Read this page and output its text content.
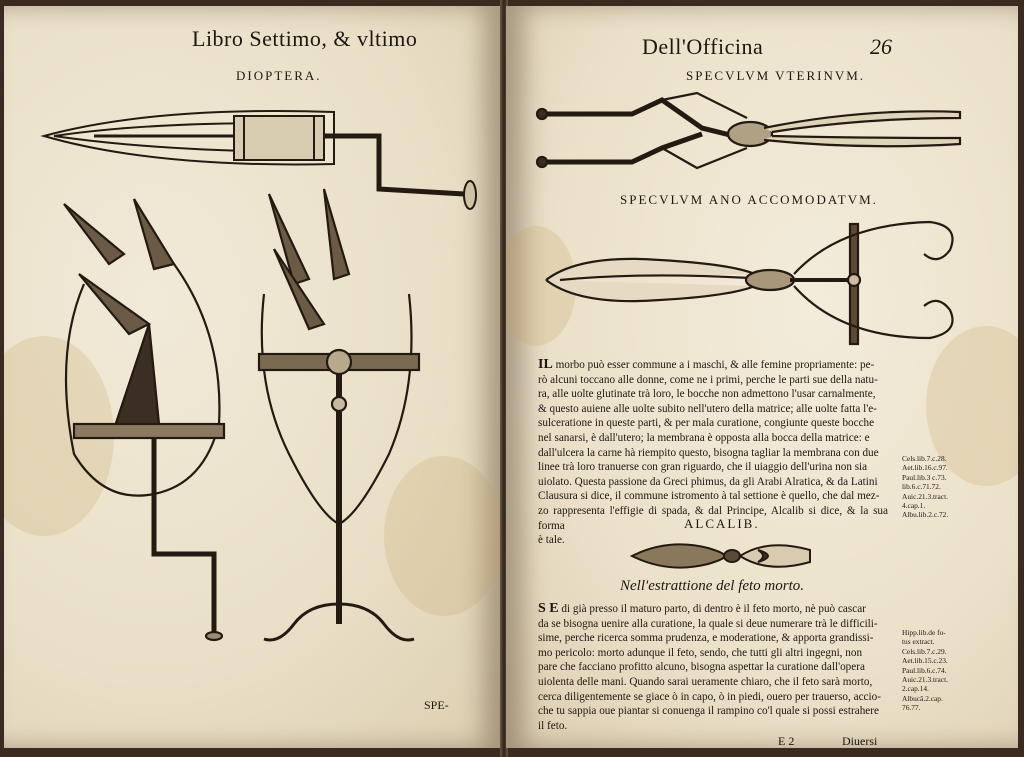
Libro Settimo, & vltimo
DIOPTERA.
SPE-
Dell'Officina	26
SPECVLVM VTERINVM.
SPECVLVM ANO ACCOMODATVM.
IL morbo può esser commune a i maschi, & alle femine propriamente: pe-
rò alcuni toccano alle donne, come ne i primi, perche le parti sue della natu-
ra, alle uolte glutinate trà loro, le bocche non admettono l'usar carnalmente,
& questo auiene alle uolte subito nell'utero della matrice; alle uolte fatta l'e-
sulceratione in queste parti, & per mala curatione, congiunte queste bocche
nel sanarsi, è dall'utero; la membrana è opposta alla bocca della matrice: e
dall'ulcera la carne hà riempito questo, bisogna tagliar la membrana con due
linee trà loro tranuerse con gran riguardo, che il uiaggio dell'urina non sia
uiolato. Questa passione da Greci phimus, da gli Arabi Alratica, & da Latini
Clausura si dice, il commune istromento à tal settione è quello, che dal mez-
zo rappresenta l'effigie di spada, & dal Principe, Alcalib si dice, & la sua forma
è tale.
Cels.lib.7.c.28.
Aet.lib.16.c.97.
Paul.lib.3 c.73.
lib.6.c.71.72.
Auic.21.3.tract.
4.cap.1.
Albu.lib.2.c.72.
ALCALIB.
Nell'estrattione del feto morto.
S E di già presso il maturo parto, di dentro è il feto morto, nè può cascar
da se bisogna uenire alla curatione, la quale si deue numerare trà le difficili-
sime, perche ricerca somma prudenza, e moderatione, & apporta grandissi-
mo pericolo: morto adunque il feto, sendo, che tutti gli altri ingegni, non
pare che facciano profitto alcuno, bisogna aspettar la curatione dall'opera
uiolenta delle mani. Quando sarai ueramente chiaro, che il feto sarà morto,
cerca diligentemente se giace ò in capo, ò in piedi, ouero per trauerso, accio-
che tu sappia oue piantar si conuenga il rampino co'l quale si possi estrahere
il feto.
Hipp.lib.de fo-
tus extract.
Cels.lib.7.c.29.
Aet.lib.15.c.23.
Paul.lib.6.c.74.
Auic.21.3.tract.
2.cap.14.
Albucā.2.cap.
76.77.
E 2	Diuersi
